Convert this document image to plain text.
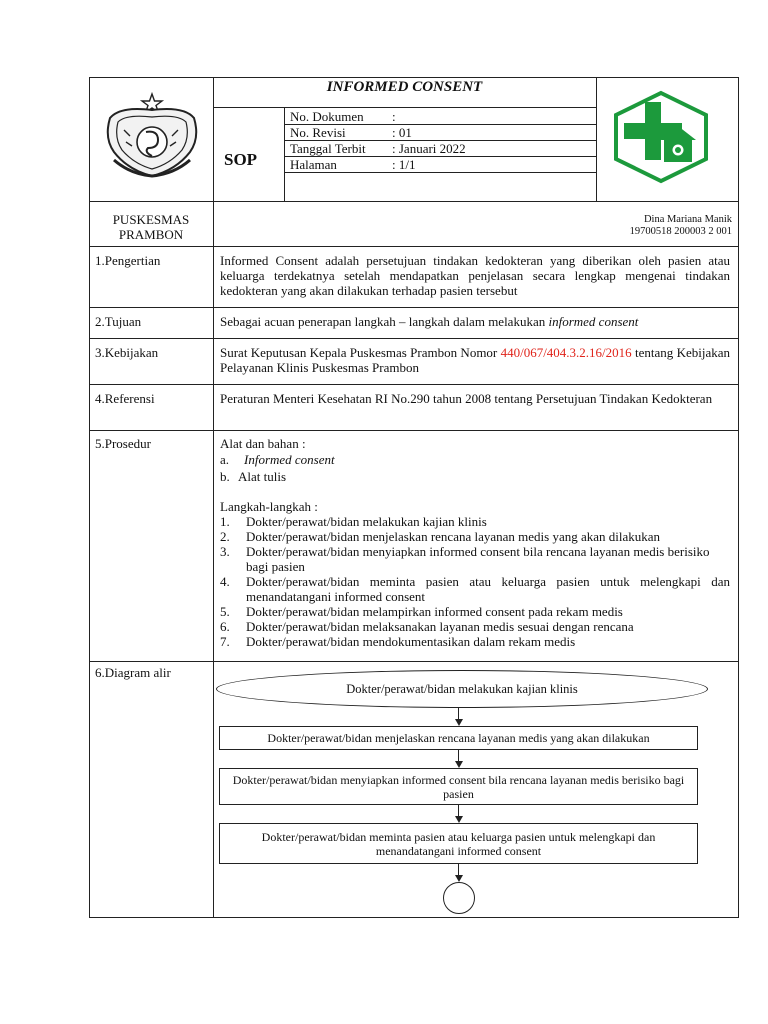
INFORMED CONSENT
SOP
No. Dokumen :
No. Revisi	: 01
Tanggal Terbit : Januari 2022
Halaman	: 1/1
PUSKESMAS
PRAMBON
Dina Mariana Manik
19700518 200003 2 001
1.Pengertian	Informed Consent adalah persetujuan tindakan kedokteran yang diberikan oleh pasien atau keluarga terdekatnya setelah mendapatkan penjelasan secara lengkap mengenai tindakan kedokteran yang akan dilakukan terhadap pasien tersebut
2.Tujuan	Sebagai acuan penerapan langkah – langkah dalam melakukan informed consent
3.Kebijakan	Surat Keputusan Kepala Puskesmas Prambon Nomor 440/067/404.3.2.16/2016 tentang Kebijakan Pelayanan Klinis Puskesmas Prambon
4.Referensi	Peraturan Menteri Kesehatan RI No.290 tahun 2008 tentang Persetujuan Tindakan Kedokteran
5.Prosedur	Alat dan bahan :
a. Informed consent
b. Alat tulis
Langkah-langkah :
1. Dokter/perawat/bidan melakukan kajian klinis
2. Dokter/perawat/bidan menjelaskan rencana layanan medis yang akan dilakukan
3. Dokter/perawat/bidan menyiapkan informed consent bila rencana layanan medis berisiko bagi pasien
4. Dokter/perawat/bidan meminta pasien atau keluarga pasien untuk melengkapi dan menandatangani informed consent
5. Dokter/perawat/bidan melampirkan informed consent pada rekam medis
6. Dokter/perawat/bidan melaksanakan layanan medis sesuai dengan rencana
7. Dokter/perawat/bidan mendokumentasikan dalam rekam medis
6.Diagram alir
Dokter/perawat/bidan melakukan kajian klinis
Dokter/perawat/bidan menjelaskan rencana layanan medis yang akan dilakukan
Dokter/perawat/bidan menyiapkan informed consent bila rencana layanan medis berisiko bagi pasien
Dokter/perawat/bidan meminta pasien atau keluarga pasien untuk melengkapi dan menandatangani informed consent
